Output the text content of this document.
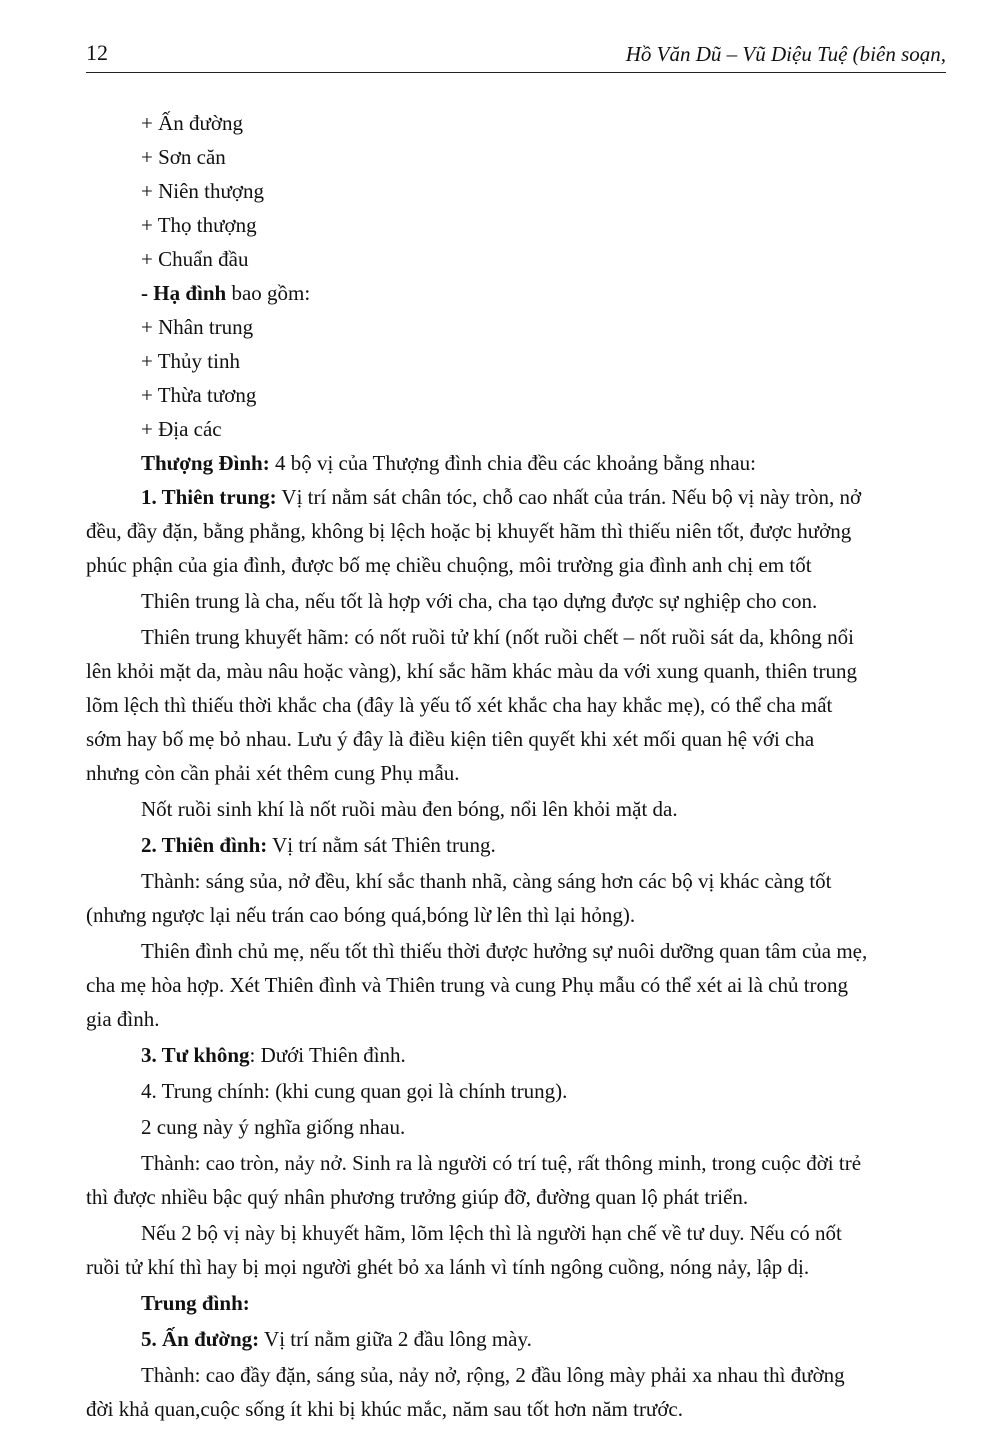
12	Hồ Văn Dũ – Vũ Diệu Tuệ (biên soạn,

+ Ấn đường

+ Sơn căn

+ Niên thượng

+ Thọ thượng

+ Chuẩn đầu

- Hạ đình bao gồm:

+ Nhân trung

+ Thủy tinh

+ Thừa tương

+ Địa các

Thượng Đình: 4 bộ vị của Thượng đình chia đều các khoảng bằng nhau:

1. Thiên trung: Vị trí nằm sát chân tóc, chỗ cao nhất của trán. Nếu bộ vị này tròn, nở

đều, đầy đặn, bằng phẳng, không bị lệch hoặc bị khuyết hãm thì thiếu niên tốt, được hưởng

phúc phận của gia đình, được bố mẹ chiều chuộng, môi trường gia đình anh chị em tốt

Thiên trung là cha, nếu tốt là hợp với cha, cha tạo dựng được sự nghiệp cho con.

Thiên trung khuyết hãm: có nốt ruồi tử khí (nốt ruồi chết – nốt ruồi sát da, không nổi

lên khỏi mặt da, màu nâu hoặc vàng), khí sắc hãm khác màu da với xung quanh, thiên trung

lõm lệch thì thiếu thời khắc cha (đây là yếu tố xét khắc cha hay khắc mẹ), có thể cha mất

sớm hay bố mẹ bỏ nhau. Lưu ý đây là điều kiện tiên quyết khi xét mối quan hệ với cha

nhưng còn cần phải xét thêm cung Phụ mẫu.

Nốt ruồi sinh khí là nốt ruồi màu đen bóng, nổi lên khỏi mặt da.

2. Thiên đình: Vị trí nằm sát Thiên trung.

Thành: sáng sủa, nở đều, khí sắc thanh nhã, càng sáng hơn các bộ vị khác càng tốt

(nhưng ngược lại nếu trán cao bóng quá,bóng lừ lên thì lại hỏng).

Thiên đình chủ mẹ, nếu tốt thì thiếu thời được hưởng sự nuôi dưỡng quan tâm của mẹ,

cha mẹ hòa hợp. Xét Thiên đình và Thiên trung và cung Phụ mẫu có thể xét ai là chủ trong

gia đình.

3. Tư không: Dưới Thiên đình.

4. Trung chính: (khi cung quan gọi là chính trung).

2 cung này ý nghĩa giống nhau.

Thành: cao tròn, nảy nở. Sinh ra là người có trí tuệ, rất thông minh, trong cuộc đời trẻ

thì được nhiều bậc quý nhân phương trưởng giúp đỡ, đường quan lộ phát triển.

Nếu 2 bộ vị này bị khuyết hãm, lõm lệch thì là người hạn chế về tư duy. Nếu có nốt

ruồi tử khí thì hay bị mọi người ghét bỏ xa lánh vì tính ngông cuồng, nóng nảy, lập dị.

Trung đình:

5. Ấn đường: Vị trí nằm giữa 2 đầu lông mày.

Thành: cao đầy đặn, sáng sủa, nảy nở, rộng, 2 đầu lông mày phải xa nhau thì đường

đời khả quan,cuộc sống ít khi bị khúc mắc, năm sau tốt hơn năm trước.
